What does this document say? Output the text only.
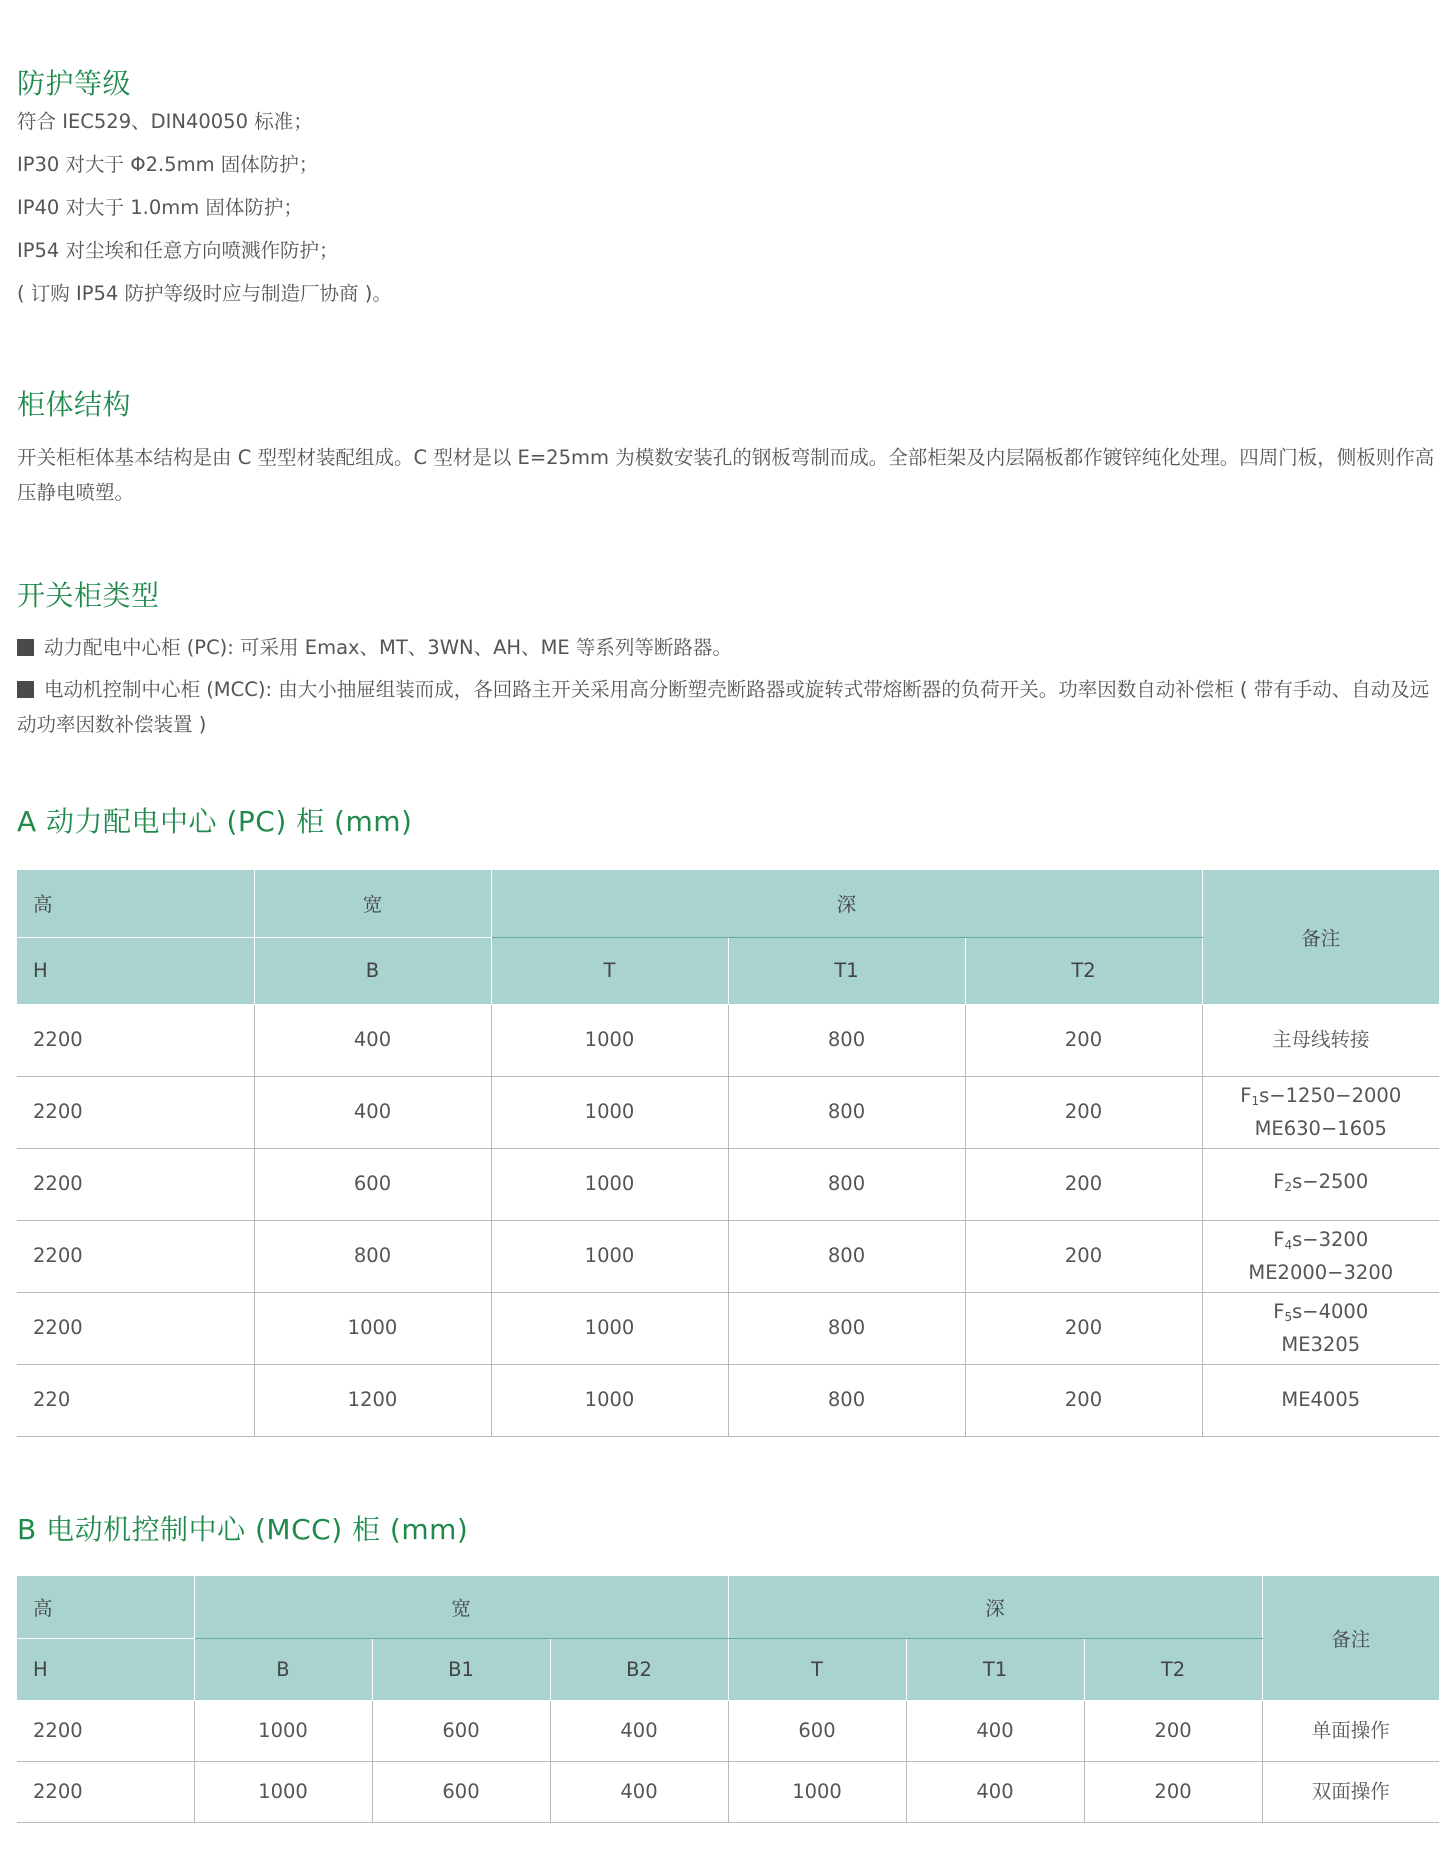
防护等级
符合 IEC529、DIN40050 标准；
IP30 对大于 Φ2.5mm 固体防护；
IP40 对大于 1.0mm 固体防护；
IP54 对尘埃和任意方向喷溅作防护；
( 订购 IP54 防护等级时应与制造厂协商 )。
柜体结构

开关柜柜体基本结构是由 C 型型材装配组成。C 型材是以 E=25mm 为模数安装孔的钢板弯制而成。全部柜架及内层隔板都作镀锌纯化处理。四周门板，侧板则作高压静电喷塑。

开关柜类型
动力配电中心柜 (PC): 可采用 Emax、MT、3WN、AH、ME 等系列等断路器。
电动机控制中心柜 (MCC): 由大小抽屉组装而成，各回路主开关采用高分断塑壳断路器或旋转式带熔断器的负荷开关。功率因数自动补偿柜 ( 带有手动、自动及远动功率因数补偿装置 )
A 动力配电中心 (PC) 柜 (mm)
高	宽	深			备注
H	B	T	T1	T2	
2200	400	1000	800	200	主母线转接

2200	400	1000	800	200	$F_1s-1250-2000$
ME630−1605

2200	600	1000	800	200	$F_2s-2500$

2200	800	1000	800	200	$F_4s-3200$
ME2000−3200

2200	1000	1000	800	200	$F_5s-4000$
ME3205

220	1200	1000	800	200	ME4005
B 电动机控制中心 (MCC) 柜 (mm)
高	宽			深			备注
H	B	B1	B2	T	T1	T2	
2200	1000	600	400	600	400	200	单面操作
2200	1000	600	400	1000	400	200	双面操作
